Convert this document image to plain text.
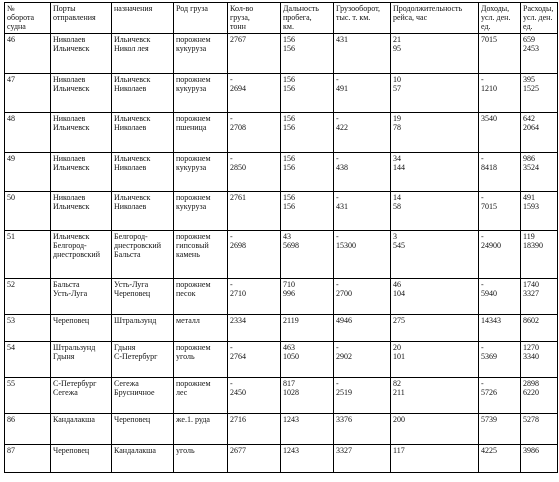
№
оборота
судна	Порты
отправления	назначения	Род груза	Кол-во
груза,
тонн	Дальность
пробега,
км.	Грузооборот,
тыс. т. км.	Продолжительность
рейса, час	Доходы,
усл. ден.
ед.	Расходы,
усл. ден.
ед.

46	Николаев
Ильичевск	Ильичевск
Никол лея	порожнем
кукуруза	2767	156
156	431	21
95	7015	659
2453

47	Николаев
Ильичевск	Ильичевск
Николаев	порожнем
кукуруза	-
2694	156
156	-
491	10
57	-
1210	395
1525

48	Николаев
Ильичевск	Ильичевск
Николаев	порожнем
пшеница	-
2708	156
156	-
422	19
78	3540	642
2064

49	Николаев
Ильичевск	Ильичевск
Николаев	порожнем
кукуруза	-
2850	156
156	-
438	34
144	-
8418	986
3524

50	Николаев
Ильичевск	Ильичевск
Николаев	порожнем
кукуруза	2761	156
156	-
431	14
58	-
7015	491
1593

51	Ильичевск
Белгород-
днестровский	Белгород-
днестровский
Бальста	порожнем
гипсовый
камень	-
2698	43
5698	-
15300	3
545	-
24900	119
18390

52	Бальста
Усть-Луга	Усть-Луга
Череповец	порожнем
песок	-
2710	710
996	-
2700	46
104	-
5940	1740
3327

53	Череповец	Штральзунд	металл	2334	2119	4946	275	14343	8602

54	Штральзунд
Гдыня	Гдыня
С-Петербург	порожнем
уголь	-
2764	463
1050	-
2902	20
101	-
5369	1270
3340

55	С-Петербург
Сегежа	Сегежа
Брусничное	порожнем
лес	-
2450	817
1028	-
2519	82
211	-
5726	2898
6220

86	Кандалакша	Череповец	же.1. руда	2716	1243	3376	200	5739	5278

87	Череповец	Кандалакша	уголь	2677	1243	3327	117	4225	3986
